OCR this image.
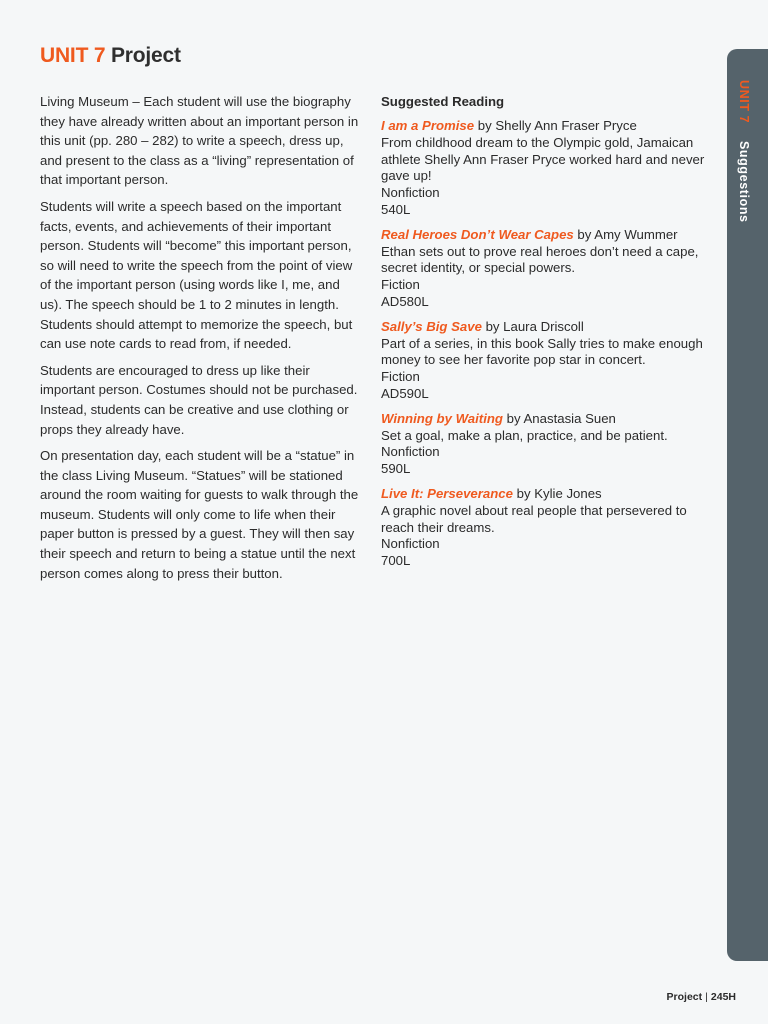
UNIT 7 Project

Living Museum – Each student will use the biography they have already written about an important person in this unit (pp. 280 – 282) to write a speech, dress up, and present to the class as a “living” representation of that important person.

Students will write a speech based on the important facts, events, and achievements of their important person. Students will “become” this important person, so will need to write the speech from the point of view of the important person (using words like I, me, and us). The speech should be 1 to 2 minutes in length. Students should attempt to memorize the speech, but can use note cards to read from, if needed.

Students are encouraged to dress up like their important person. Costumes should not be purchased. Instead, students can be creative and use clothing or props they already have.

On presentation day, each student will be a “statue” in the class Living Museum. “Statues” will be stationed around the room waiting for guests to walk through the museum. Students will only come to life when their paper button is pressed by a guest. They will then say their speech and return to being a statue until the next person comes along to press their button.

Suggested Reading
I am a Promise by Shelly Ann Fraser Pryce
From childhood dream to the Olympic gold, Jamaican athlete Shelly Ann Fraser Pryce worked hard and never gave up!
Nonfiction
540L
Real Heroes Don’t Wear Capes by Amy Wummer
Ethan sets out to prove real heroes don’t need a cape, secret identity, or special powers.
Fiction
AD580L
Sally’s Big Save by Laura Driscoll
Part of a series, in this book Sally tries to make enough money to see her favorite pop star in concert.
Fiction
AD590L
Winning by Waiting by Anastasia Suen
Set a goal, make a plan, practice, and be patient.
Nonfiction
590L
Live It: Perseverance by Kylie Jones
A graphic novel about real people that persevered to reach their dreams.
Nonfiction
700L
UNIT 7 Suggestions
Project | 245H
